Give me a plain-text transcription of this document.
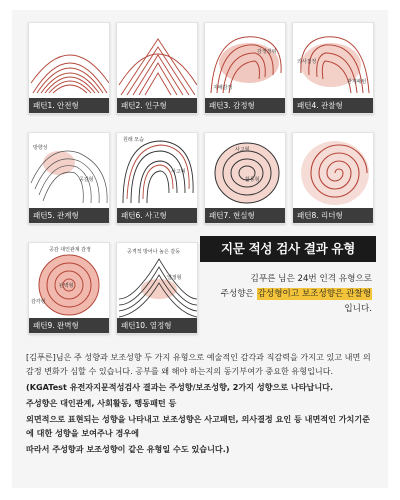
패턴1. 안전형	패턴2. 인구형
감정정위
지배감정
패턴3. 감정형
의사결정
관계패턴
패턴4. 관찰형
방향성
공감형
패턴5. 관계형
원래 모습
사고형
패턴6. 사고형
사고형
활동형
패턴7. 현실형	패턴8. 리더형
공감 대인관계 감정
완벽형
감각형
패턴9. 완벽형
공격적 방어나 높은 갈등
열정형
패턴10. 열정형
지문 적성 검사 결과 유형
김푸른 님은 24번 인격 유형으로
주성향은 감성형이고 보조성향은 관찰형
입니다.

[김푸른]님은 주 성향과 보조성향 두 가지 유형으로 예술적인 감각과 직감력을 가지고 있고 내면 의 감정 변화가 심할 수 있습니다. 공부를 왜 해야 하는지의 동기부여가 중요한 유형입니다.

(KGATest 유전자지문적성검사 결과는 주성향/보조성향, 2가지 성향으로 나타납니다.

주성향은 대인관계, 사회활동, 행동패턴 등

외면적으로 표현되는 성향을 나타내고 보조성향은 사고패턴, 의사결정 요인 등 내면적인 가치기준에 대한 성향을 보여주나 경우에

따라서 주성향과 보조성향이 같은 유형일 수도 있습니다.)
